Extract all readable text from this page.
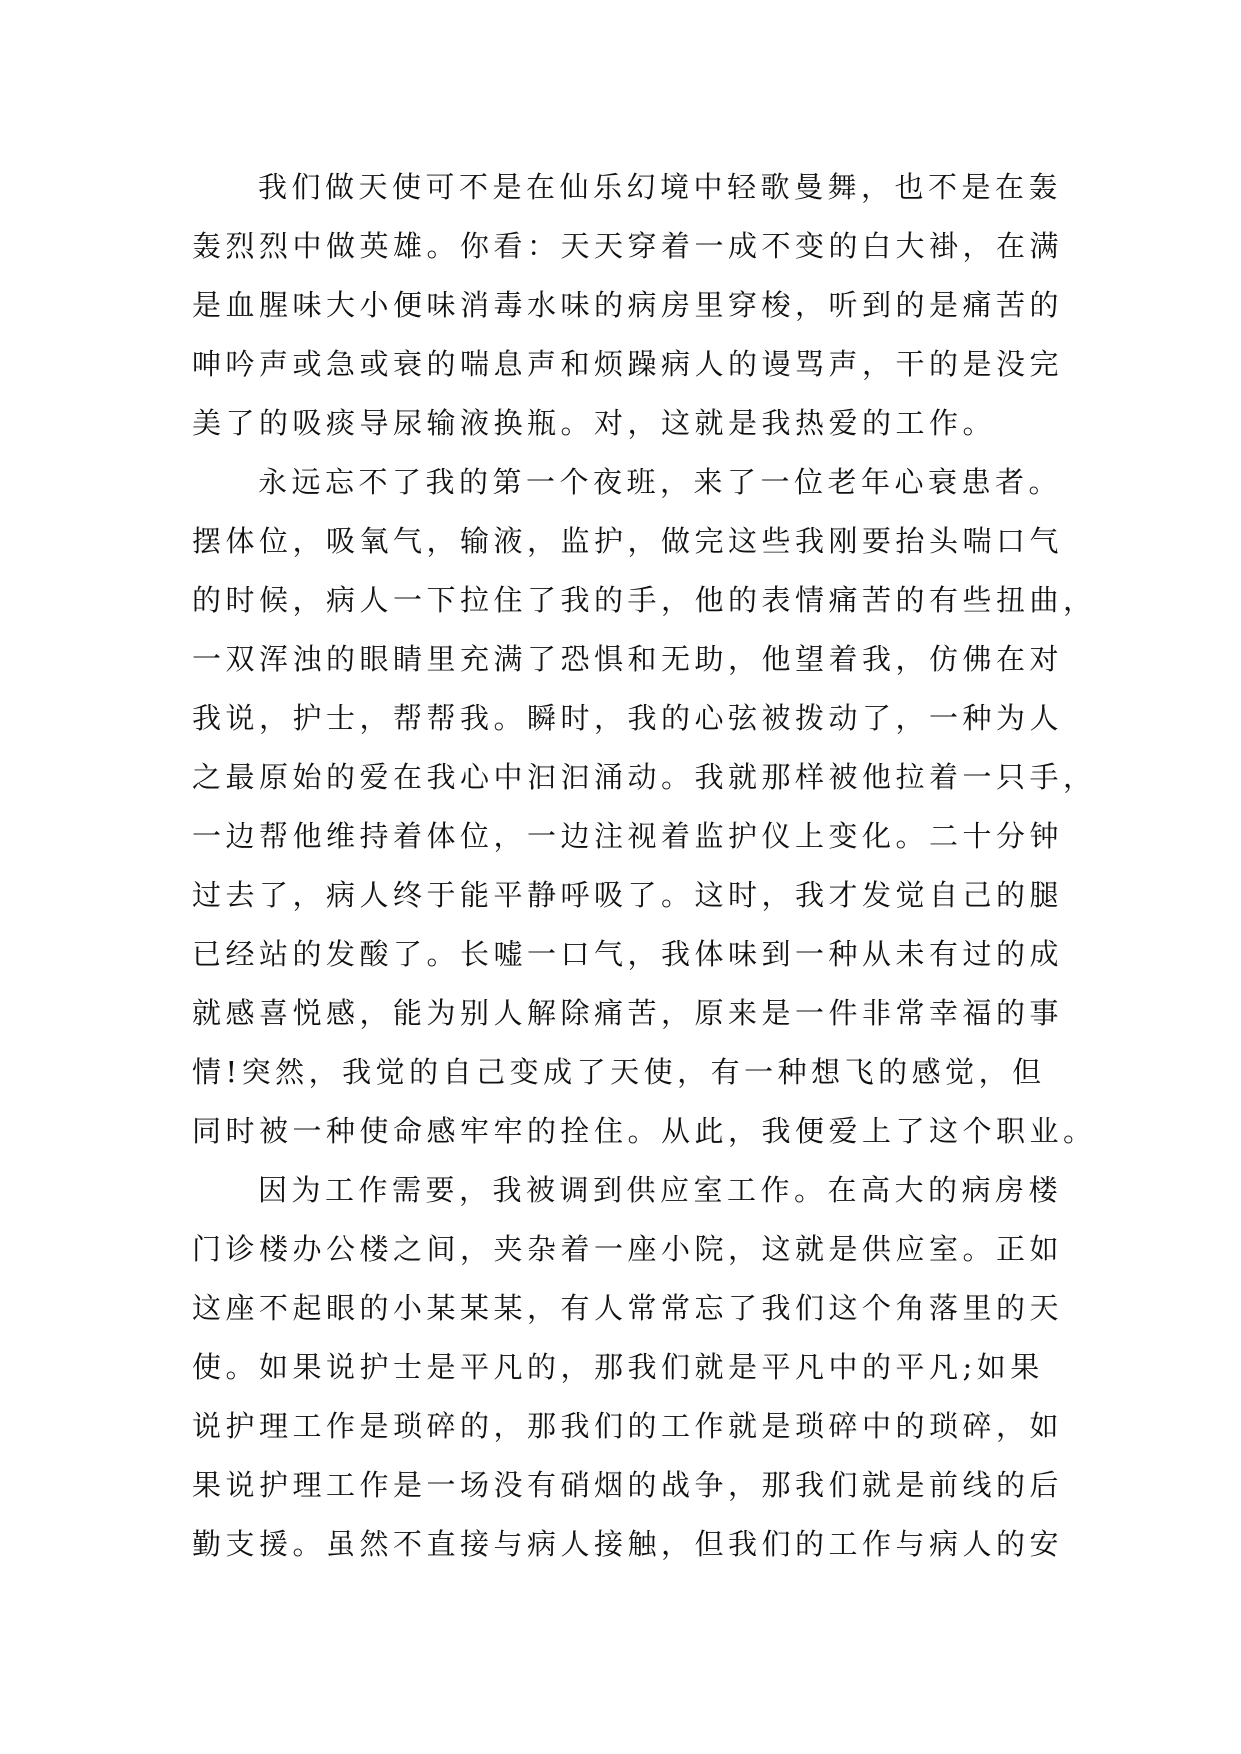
我们做天使可不是在仙乐幻境中轻歌曼舞，也不是在轰
轰烈烈中做英雄。你看：天天穿着一成不变的白大褂，在满
是血腥味大小便味消毒水味的病房里穿梭，听到的是痛苦的
呻吟声或急或衰的喘息声和烦躁病人的谩骂声，干的是没完
美了的吸痰导尿输液换瓶。对，这就是我热爱的工作。
永远忘不了我的第一个夜班，来了一位老年心衰患者。
摆体位，吸氧气，输液，监护，做完这些我刚要抬头喘口气
的时候，病人一下拉住了我的手，他的表情痛苦的有些扭曲，
一双浑浊的眼睛里充满了恐惧和无助，他望着我，仿佛在对
我说，护士，帮帮我。瞬时，我的心弦被拨动了，一种为人
之最原始的爱在我心中汩汩涌动。我就那样被他拉着一只手，
一边帮他维持着体位，一边注视着监护仪上变化。二十分钟
过去了，病人终于能平静呼吸了。这时，我才发觉自己的腿
已经站的发酸了。长嘘一口气，我体味到一种从未有过的成
就感喜悦感，能为别人解除痛苦，原来是一件非常幸福的事
情!突然，我觉的自己变成了天使，有一种想飞的感觉，但
同时被一种使命感牢牢的拴住。从此，我便爱上了这个职业。
因为工作需要，我被调到供应室工作。在高大的病房楼
门诊楼办公楼之间，夹杂着一座小院，这就是供应室。正如
这座不起眼的小某某某，有人常常忘了我们这个角落里的天
使。如果说护士是平凡的，那我们就是平凡中的平凡;如果
说护理工作是琐碎的，那我们的工作就是琐碎中的琐碎，如
果说护理工作是一场没有硝烟的战争，那我们就是前线的后
勤支援。虽然不直接与病人接触，但我们的工作与病人的安
